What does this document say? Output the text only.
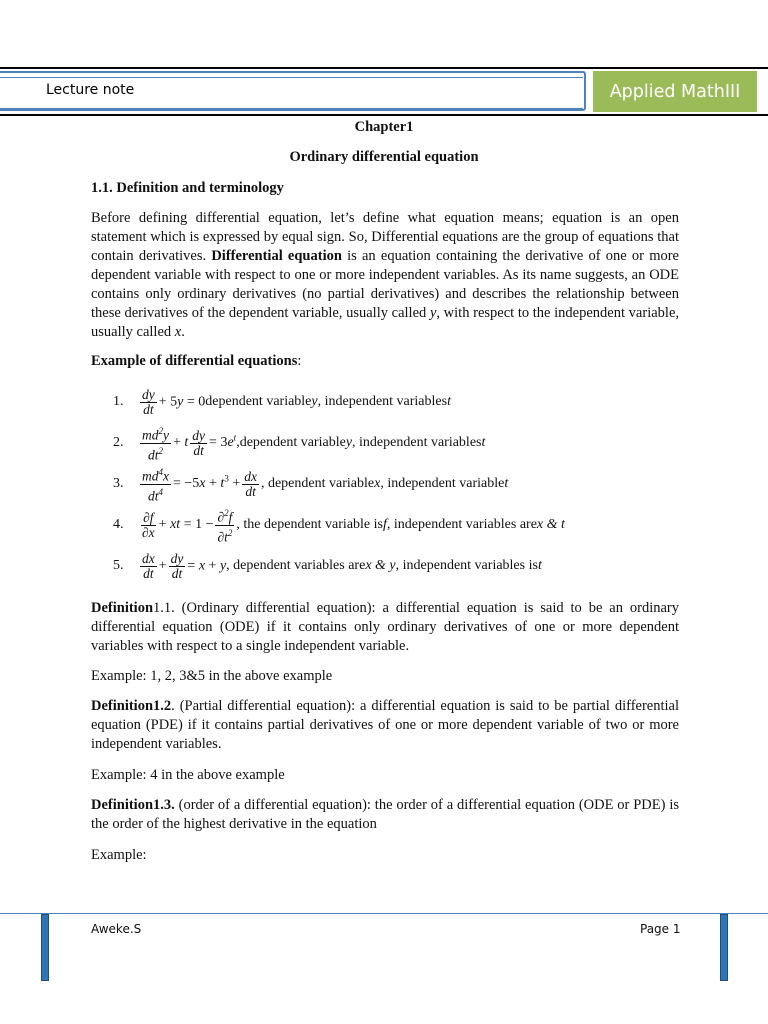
Lecture note	Applied MathIII
Chapter1
Ordinary differential equation
1.1. Definition and terminology
Before defining differential equation, let’s define what equation means; equation is an open statement which is expressed by equal sign. So, Differential equations are the group of equations that contain derivatives. Differential equation is an equation containing the derivative of one or more dependent variable with respect to one or more independent variables. As its name suggests, an ODE contains only ordinary derivatives (no partial derivatives) and describes the relationship between these derivatives of the dependent variable, usually called y, with respect to the independent variable, usually called x.
Example of differential equations:
1.	$\frac{dy}{dt} + 5y = 0$ dependent variable y , independent variables t
2.	$\frac{md^2y}{dt^2} + t \frac{dy}{dt} = 3e^t$ ,dependent variable y , independent variables t
3.	$\frac{md^4x}{dt^4} = -5x + t^3 + \frac{dx}{dt}$ , dependent variable x , independent variable t
4.	$\frac{\partial f}{\partial x}$ + xt = $1 - \frac{\partial^2f}{\partial t^2}$ , the dependent variable is f , independent variables are x & t
5.	$\frac{dx}{dt} + \frac{dy}{dt} = x + y$ , dependent variables are x & y , independent variables is t
Definition1.1. (Ordinary differential equation): a differential equation is said to be an ordinary differential equation (ODE) if it contains only ordinary derivatives of one or more dependent variables with respect to a single independent variable.
Example: 1, 2, 3&5 in the above example
Definition1.2. (Partial differential equation): a differential equation is said to be partial differential equation (PDE) if it contains partial derivatives of one or more dependent variable of two or more independent variables.
Example: 4 in the above example
Definition1.3. (order of a differential equation): the order of a differential equation (ODE or PDE) is the order of the highest derivative in the equation
Example:
Aweke.S	Page 1
